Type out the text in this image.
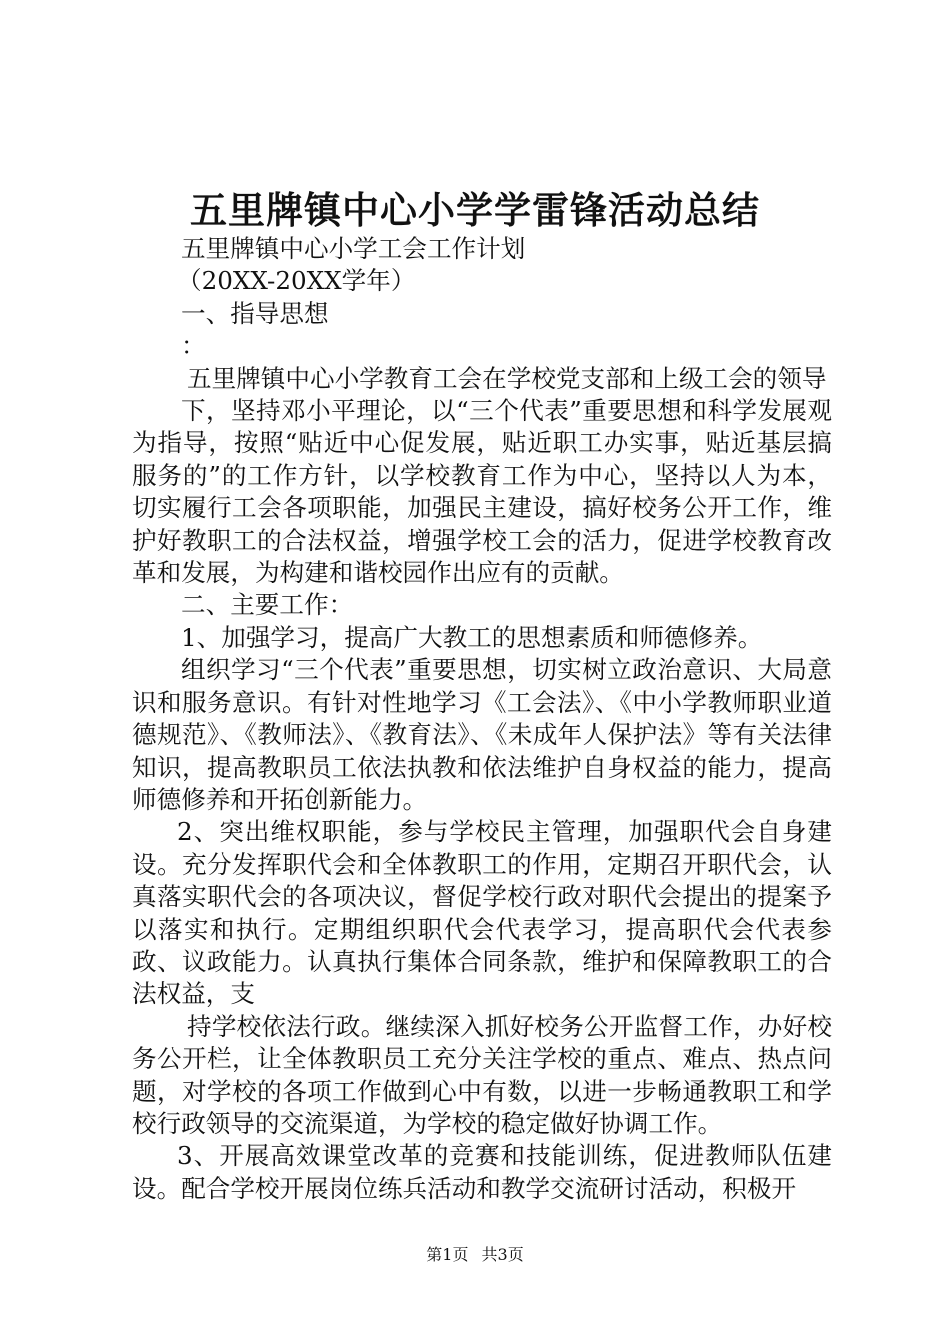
五里牌镇中心小学学雷锋活动总结

五里牌镇中心小学工会工作计划

（20XX-20XX学年）

一、指导思想

：

五里牌镇中心小学教育工会在学校党支部和上级工会的领导

下，坚持邓小平理论，以“三个代表”重要思想和科学发展观为指导，按照“贴近中心促发展，贴近职工办实事，贴近基层搞服务的”的工作方针，以学校教育工作为中心，坚持以人为本，切实履行工会各项职能，加强民主建设，搞好校务公开工作，维护好教职工的合法权益，增强学校工会的活力，促进学校教育改革和发展，为构建和谐校园作出应有的贡献。

二、主要工作：

1、加强学习，提高广大教工的思想素质和师德修养。

组织学习“三个代表”重要思想，切实树立政治意识、大局意识和服务意识。有针对性地学习《工会法》、《中小学教师职业道德规范》、《教师法》、《教育法》、《未成年人保护法》等有关法律知识，提高教职员工依法执教和依法维护自身权益的能力，提高师德修养和开拓创新能力。

2、突出维权职能，参与学校民主管理，加强职代会自身建设。充分发挥职代会和全体教职工的作用，定期召开职代会，认真落实职代会的各项决议，督促学校行政对职代会提出的提案予以落实和执行。定期组织职代会代表学习，提高职代会代表参政、议政能力。认真执行集体合同条款，维护和保障教职工的合法权益，支

持学校依法行政。继续深入抓好校务公开监督工作，办好校务公开栏，让全体教职员工充分关注学校的重点、难点、热点问题，对学校的各项工作做到心中有数，以进一步畅通教职工和学校行政领导的交流渠道，为学校的稳定做好协调工作。

3、开展高效课堂改革的竞赛和技能训练，促进教师队伍建设。配合学校开展岗位练兵活动和教学交流研讨活动，积极开

第1页 共3页
